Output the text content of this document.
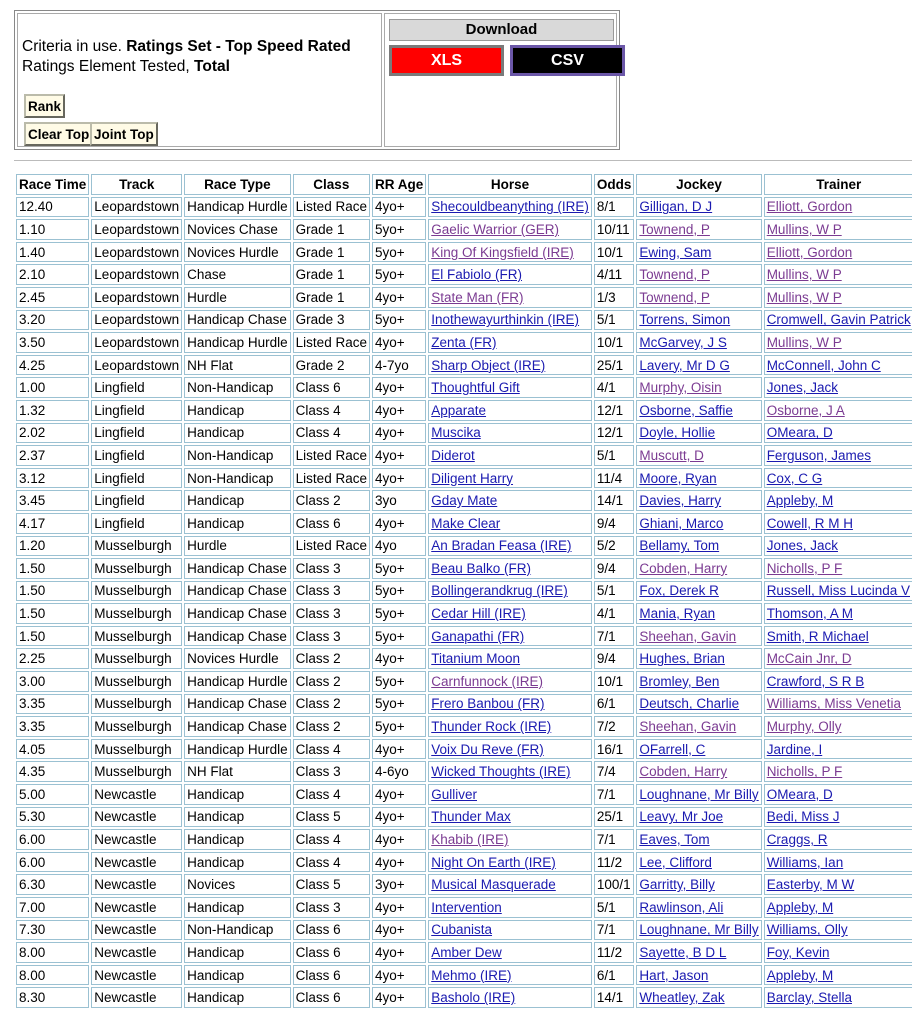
Criteria in use. Ratings Set - Top Speed Rated
Ratings Element Tested, Total
Rank
Clear Top Joint Top
Download
XLS	CSV
Race Time	Track	Race Type	Class	RR Age	Horse	Odds	Jockey	Trainer	
12.40	Leopardstown	Handicap Hurdle	Listed Race	4yo+	Shecouldbeanything (IRE)	8/1	Gilligan, D J	Elliott, Gordon	
1.10	Leopardstown	Novices Chase	Grade 1	5yo+	Gaelic Warrior (GER)	10/11	Townend, P	Mullins, W P	
1.40	Leopardstown	Novices Hurdle	Grade 1	5yo+	King Of Kingsfield (IRE)	10/1	Ewing, Sam	Elliott, Gordon	
2.10	Leopardstown	Chase	Grade 1	5yo+	El Fabiolo (FR)	4/11	Townend, P	Mullins, W P	
2.45	Leopardstown	Hurdle	Grade 1	4yo+	State Man (FR)	1/3	Townend, P	Mullins, W P	
3.20	Leopardstown	Handicap Chase	Grade 3	5yo+	Inothewayurthinkin (IRE)	5/1	Torrens, Simon	Cromwell, Gavin Patrick	
3.50	Leopardstown	Handicap Hurdle	Listed Race	4yo+	Zenta (FR)	10/1	McGarvey, J S	Mullins, W P	
4.25	Leopardstown	NH Flat	Grade 2	4-7yo	Sharp Object (IRE)	25/1	Lavery, Mr D G	McConnell, John C	
1.00	Lingfield	Non-Handicap	Class 6	4yo+	Thoughtful Gift	4/1	Murphy, Oisin	Jones, Jack	
1.32	Lingfield	Handicap	Class 4	4yo+	Apparate	12/1	Osborne, Saffie	Osborne, J A	
2.02	Lingfield	Handicap	Class 4	4yo+	Muscika	12/1	Doyle, Hollie	OMeara, D	
2.37	Lingfield	Non-Handicap	Listed Race	4yo+	Diderot	5/1	Muscutt, D	Ferguson, James	
3.12	Lingfield	Non-Handicap	Listed Race	4yo+	Diligent Harry	11/4	Moore, Ryan	Cox, C G	
3.45	Lingfield	Handicap	Class 2	3yo	Gday Mate	14/1	Davies, Harry	Appleby, M	
4.17	Lingfield	Handicap	Class 6	4yo+	Make Clear	9/4	Ghiani, Marco	Cowell, R M H	
1.20	Musselburgh	Hurdle	Listed Race	4yo	An Bradan Feasa (IRE)	5/2	Bellamy, Tom	Jones, Jack	
1.50	Musselburgh	Handicap Chase	Class 3	5yo+	Beau Balko (FR)	9/4	Cobden, Harry	Nicholls, P F	
1.50	Musselburgh	Handicap Chase	Class 3	5yo+	Bollingerandkrug (IRE)	5/1	Fox, Derek R	Russell, Miss Lucinda V	
1.50	Musselburgh	Handicap Chase	Class 3	5yo+	Cedar Hill (IRE)	4/1	Mania, Ryan	Thomson, A M	
1.50	Musselburgh	Handicap Chase	Class 3	5yo+	Ganapathi (FR)	7/1	Sheehan, Gavin	Smith, R Michael	
2.25	Musselburgh	Novices Hurdle	Class 2	4yo+	Titanium Moon	9/4	Hughes, Brian	McCain Jnr, D	
3.00	Musselburgh	Handicap Hurdle	Class 2	5yo+	Carnfunnock (IRE)	10/1	Bromley, Ben	Crawford, S R B	
3.35	Musselburgh	Handicap Chase	Class 2	5yo+	Frero Banbou (FR)	6/1	Deutsch, Charlie	Williams, Miss Venetia	
3.35	Musselburgh	Handicap Chase	Class 2	5yo+	Thunder Rock (IRE)	7/2	Sheehan, Gavin	Murphy, Olly	
4.05	Musselburgh	Handicap Hurdle	Class 4	4yo+	Voix Du Reve (FR)	16/1	OFarrell, C	Jardine, I	
4.35	Musselburgh	NH Flat	Class 3	4-6yo	Wicked Thoughts (IRE)	7/4	Cobden, Harry	Nicholls, P F	
5.00	Newcastle	Handicap	Class 4	4yo+	Gulliver	7/1	Loughnane, Mr Billy	OMeara, D	
5.30	Newcastle	Handicap	Class 5	4yo+	Thunder Max	25/1	Leavy, Mr Joe	Bedi, Miss J	
6.00	Newcastle	Handicap	Class 4	4yo+	Khabib (IRE)	7/1	Eaves, Tom	Craggs, R	
6.00	Newcastle	Handicap	Class 4	4yo+	Night On Earth (IRE)	11/2	Lee, Clifford	Williams, Ian	
6.30	Newcastle	Novices	Class 5	3yo+	Musical Masquerade	100/1	Garritty, Billy	Easterby, M W	
7.00	Newcastle	Handicap	Class 3	4yo+	Intervention	5/1	Rawlinson, Ali	Appleby, M	
7.30	Newcastle	Non-Handicap	Class 6	4yo+	Cubanista	7/1	Loughnane, Mr Billy	Williams, Olly	
8.00	Newcastle	Handicap	Class 6	4yo+	Amber Dew	11/2	Sayette, B D L	Foy, Kevin	
8.00	Newcastle	Handicap	Class 6	4yo+	Mehmo (IRE)	6/1	Hart, Jason	Appleby, M	
8.30	Newcastle	Handicap	Class 6	4yo+	Basholo (IRE)	14/1	Wheatley, Zak	Barclay, Stella	
